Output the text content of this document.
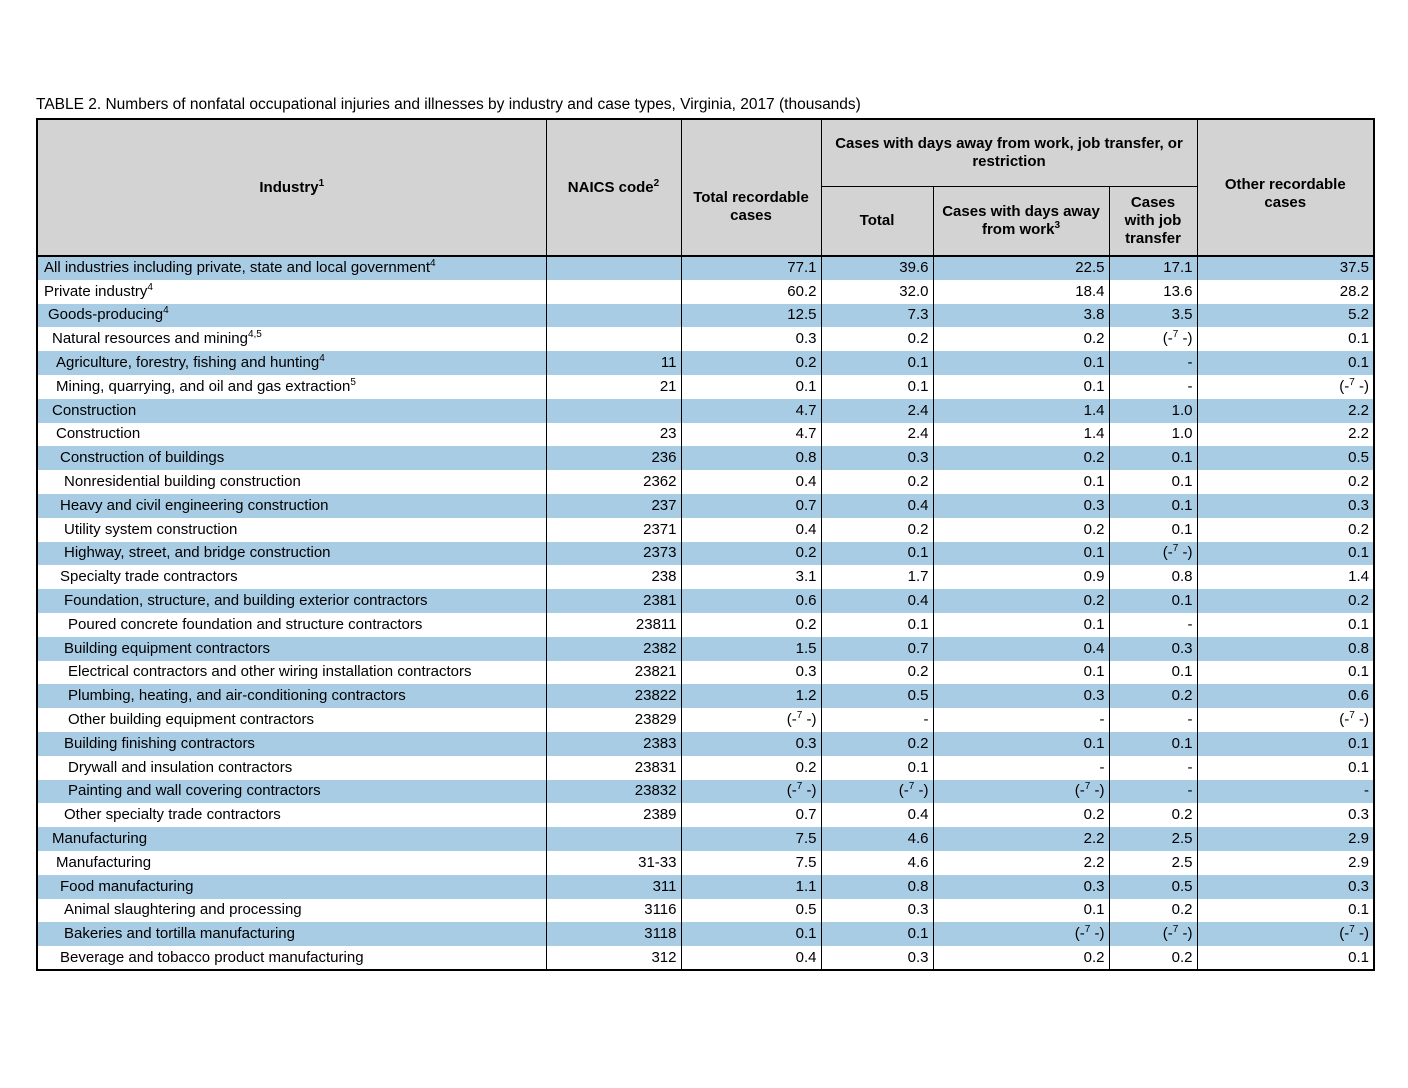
TABLE 2. Numbers of nonfatal occupational injuries and illnesses by industry and case types, Virginia, 2017 (thousands)
Industry$^1$	NAICS code$^2$	Total recordable cases	Cases with days away from work, job transfer, or restriction			Other recordable cases
			Total	Cases with days away from work$^3$	Cases with job transfer	
All industries including private, state and local government$^4$		77.1	39.6	22.5	17.1	37.5
Private industry$^4$		60.2	32.0	18.4	13.6	28.2
Goods-producing$^4$		12.5	7.3	3.8	3.5	5.2
Natural resources and mining$^{4,5}$		0.3	0.2	0.2	(-$^7$ -)	0.1
Agriculture, forestry, fishing and hunting$^4$	11	0.2	0.1	0.1	-	0.1
Mining, quarrying, and oil and gas extraction$^5$	21	0.1	0.1	0.1	-	(-$^7$ -)
Construction		4.7	2.4	1.4	1.0	2.2
Construction	23	4.7	2.4	1.4	1.0	2.2
Construction of buildings	236	0.8	0.3	0.2	0.1	0.5
Nonresidential building construction	2362	0.4	0.2	0.1	0.1	0.2
Heavy and civil engineering construction	237	0.7	0.4	0.3	0.1	0.3
Utility system construction	2371	0.4	0.2	0.2	0.1	0.2
Highway, street, and bridge construction	2373	0.2	0.1	0.1	(-$^7$ -)	0.1
Specialty trade contractors	238	3.1	1.7	0.9	0.8	1.4
Foundation, structure, and building exterior contractors	2381	0.6	0.4	0.2	0.1	0.2
Poured concrete foundation and structure contractors	23811	0.2	0.1	0.1	-	0.1
Building equipment contractors	2382	1.5	0.7	0.4	0.3	0.8
Electrical contractors and other wiring installation contractors	23821	0.3	0.2	0.1	0.1	0.1
Plumbing, heating, and air-conditioning contractors	23822	1.2	0.5	0.3	0.2	0.6
Other building equipment contractors	23829	(-$^7$ -)	-	-	-	(-$^7$ -)
Building finishing contractors	2383	0.3	0.2	0.1	0.1	0.1
Drywall and insulation contractors	23831	0.2	0.1	-	-	0.1
Painting and wall covering contractors	23832	(-$^7$ -)	(-$^7$ -)	(-$^7$ -)	-	-
Other specialty trade contractors	2389	0.7	0.4	0.2	0.2	0.3
Manufacturing		7.5	4.6	2.2	2.5	2.9
Manufacturing	31-33	7.5	4.6	2.2	2.5	2.9
Food manufacturing	311	1.1	0.8	0.3	0.5	0.3
Animal slaughtering and processing	3116	0.5	0.3	0.1	0.2	0.1
Bakeries and tortilla manufacturing	3118	0.1	0.1	(-$^7$ -)	(-$^7$ -)	(-$^7$ -)
Beverage and tobacco product manufacturing	312	0.4	0.3	0.2	0.2	0.1
